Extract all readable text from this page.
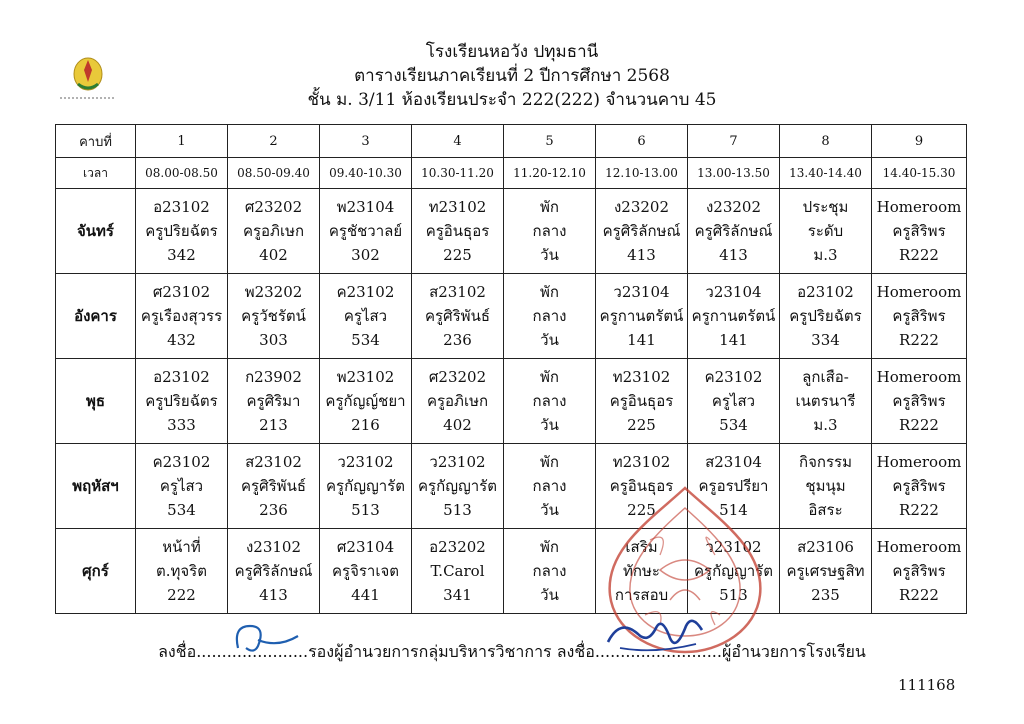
โรงเรียนหอวัง ปทุมธานี
ตารางเรียนภาคเรียนที่ 2 ปีการศึกษา 2568
ชั้น ม. 3/11 ห้องเรียนประจำ 222(222) จำนวนคาบ 45
คาบที่	1	2	3	4	5	6	7	8	9
เวลา	08.00-08.50	08.50-09.40	09.40-10.30	10.30-11.20	11.20-12.10	12.10-13.00	13.00-13.50	13.40-14.40	14.40-15.30
จันทร์	อ23102
ครูปริยฉัตร
342	ศ23202
ครูอภิเษก
402	พ23104
ครูชัชวาลย์
302	ท23102
ครูอินธุอร
225	พัก
กลาง
วัน	ง23202
ครูศิริลักษณ์
413	ง23202
ครูศิริลักษณ์
413	ประชุม
ระดับ
ม.3	Homeroom
ครูสิริพร
R222

อังคาร	ศ23102
ครูเรืองสุวรร
432	พ23202
ครูวัชรัตน์
303	ค23102
ครูไสว
534	ส23102
ครูศิริพันธ์
236	พัก
กลาง
วัน	ว23104
ครูกานตรัตน์
141	ว23104
ครูกานตรัตน์
141	อ23102
ครูปริยฉัตร
334	Homeroom
ครูสิริพร
R222

พุธ	อ23102
ครูปริยฉัตร
333	ก23902
ครูศิริมา
213	พ23102
ครูกัญญ์ชยา
216	ศ23202
ครูอภิเษก
402	พัก
กลาง
วัน	ท23102
ครูอินธุอร
225	ค23102
ครูไสว
534	ลูกเสือ-
เนตรนารี
ม.3	Homeroom
ครูสิริพร
R222

พฤหัสฯ	ค23102
ครูไสว
534	ส23102
ครูศิริพันธ์
236	ว23102
ครูกัญญารัต
513	ว23102
ครูกัญญารัต
513	พัก
กลาง
วัน	ท23102
ครูอินธุอร
225	ส23104
ครูอรปรียา
514	กิจกรรม
ชุมนุม
อิสระ	Homeroom
ครูสิริพร
R222

ศุกร์	หน้าที่
ต.ทุจริต
222	ง23102
ครูศิริลักษณ์
413	ศ23104
ครูจิราเจต
441	อ23202
T.Carol
341	พัก
กลาง
วัน	เสริม
ทักษะ
การสอบ	ว23102
ครูกัญญารัต
513	ส23106
ครูเศรษฐสิท
235	Homeroom
ครูสิริพร
R222
ลงชื่อ......................รองผู้อำนวยการกลุ่มบริหารวิชาการ ลงชื่อ.........................ผู้อำนวยการโรงเรียน
111168
